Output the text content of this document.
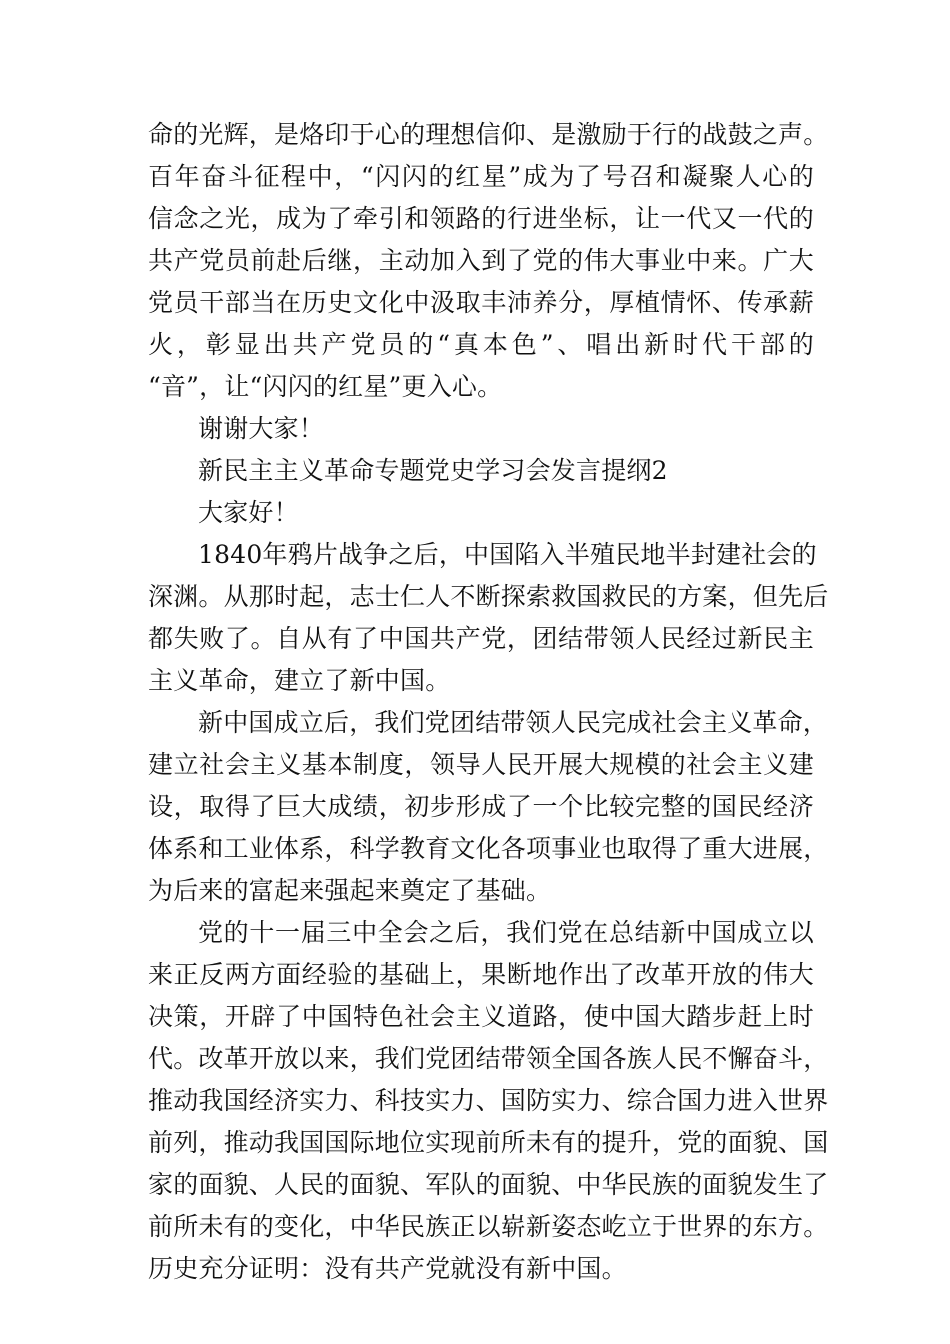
命的光辉，是烙印于心的理想信仰、是激励于行的战鼓之声。
百年奋斗征程中，“闪闪的红星”成为了号召和凝聚人心的
信念之光，成为了牵引和领路的行进坐标，让一代又一代的
共产党员前赴后继，主动加入到了党的伟大事业中来。广大
党员干部当在历史文化中汲取丰沛养分，厚植情怀、传承薪
火，彰显出共产党员的“真本色”、唱出新时代干部的
“音”，让“闪闪的红星”更入心。
谢谢大家！
新民主主义革命专题党史学习会发言提纲2
大家好！
1840年鸦片战争之后，中国陷入半殖民地半封建社会的
深渊。从那时起，志士仁人不断探索救国救民的方案，但先后
都失败了。自从有了中国共产党，团结带领人民经过新民主
主义革命，建立了新中国。
新中国成立后，我们党团结带领人民完成社会主义革命，
建立社会主义基本制度，领导人民开展大规模的社会主义建
设，取得了巨大成绩，初步形成了一个比较完整的国民经济
体系和工业体系，科学教育文化各项事业也取得了重大进展，
为后来的富起来强起来奠定了基础。
党的十一届三中全会之后，我们党在总结新中国成立以
来正反两方面经验的基础上，果断地作出了改革开放的伟大
决策，开辟了中国特色社会主义道路，使中国大踏步赶上时
代。改革开放以来，我们党团结带领全国各族人民不懈奋斗，
推动我国经济实力、科技实力、国防实力、综合国力进入世界
前列，推动我国国际地位实现前所未有的提升，党的面貌、国
家的面貌、人民的面貌、军队的面貌、中华民族的面貌发生了
前所未有的变化，中华民族正以崭新姿态屹立于世界的东方。
历史充分证明：没有共产党就没有新中国。
